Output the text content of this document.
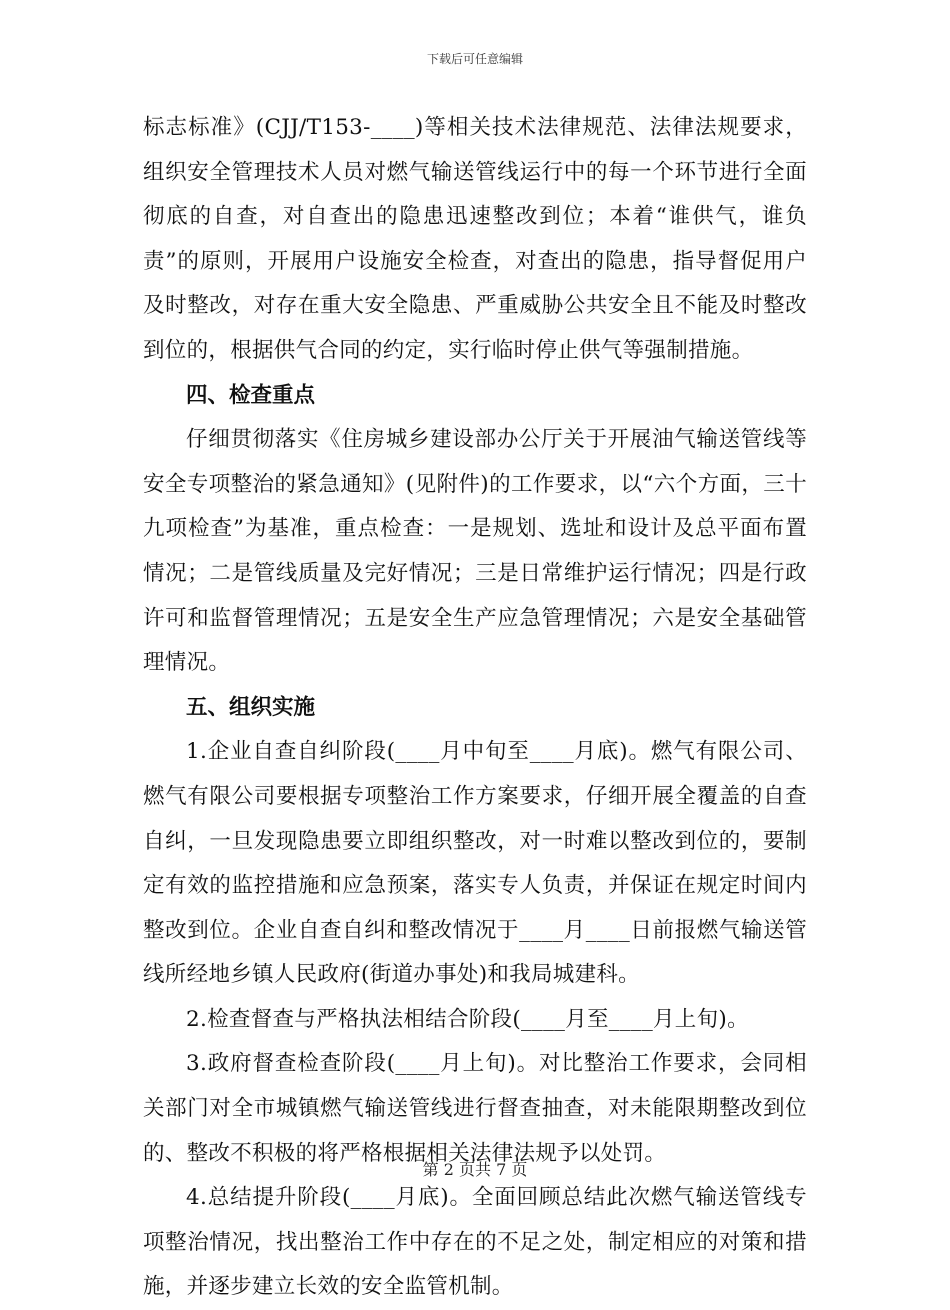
下载后可任意编辑

标志标准》(CJJ/T153-____)等相关技术法律规范、法律法规要求，组织安全管理技术人员对燃气输送管线运行中的每一个环节进行全面彻底的自查，对自查出的隐患迅速整改到位；本着“谁供气，谁负责”的原则，开展用户设施安全检查，对查出的隐患，指导督促用户及时整改，对存在重大安全隐患、严重威胁公共安全且不能及时整改到位的，根据供气合同的约定，实行临时停止供气等强制措施。

四、检查重点

仔细贯彻落实《住房城乡建设部办公厅关于开展油气输送管线等安全专项整治的紧急通知》(见附件)的工作要求，以“六个方面，三十九项检查”为基准，重点检查：一是规划、选址和设计及总平面布置情况；二是管线质量及完好情况；三是日常维护运行情况；四是行政许可和监督管理情况；五是安全生产应急管理情况；六是安全基础管理情况。

五、组织实施

1.企业自查自纠阶段(____月中旬至____月底)。燃气有限公司、燃气有限公司要根据专项整治工作方案要求，仔细开展全覆盖的自查自纠，一旦发现隐患要立即组织整改，对一时难以整改到位的，要制定有效的监控措施和应急预案，落实专人负责，并保证在规定时间内整改到位。企业自查自纠和整改情况于____月____日前报燃气输送管线所经地乡镇人民政府(街道办事处)和我局城建科。

2.检查督查与严格执法相结合阶段(____月至____月上旬)。

3.政府督查检查阶段(____月上旬)。对比整治工作要求，会同相关部门对全市城镇燃气输送管线进行督查抽查，对未能限期整改到位的、整改不积极的将严格根据相关法律法规予以处罚。

4.总结提升阶段(____月底)。全面回顾总结此次燃气输送管线专项整治情况，找出整治工作中存在的不足之处，制定相应的对策和措施，并逐步建立长效的安全监管机制。

第 2 页共 7 页
